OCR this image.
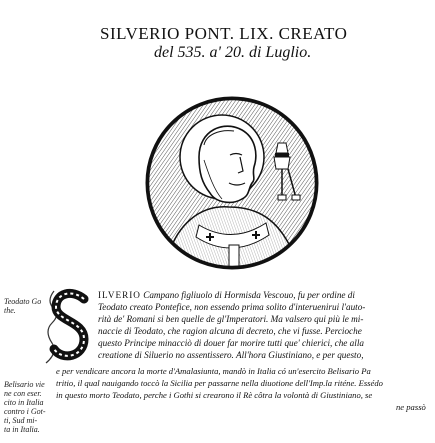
SILVERIO PONT. LIX. CREATO
del 535. a' 20. di Luglio.
Teodato Go the.
Belisario vie
ne con eser.
cito in Italia
contro i Got-
ti, Sud mi-
ta in Italia.
ILVERIO Campano figliuolo di Hormisda Vescouo, fu per ordine di
Teodato creato Pontefice, non essendo prima solito d'interuenirui l'auto-
rità de' Romani si ben quelle de gl'Imperatori. Ma valsero qui più le mi-
naccie di Teodato, che ragion alcuna di decreto, che vi fusse. Percioche
questo Principe minacciò di douer far morire tutti que' chierici, che alla
creatione di Siluerio no assentissero. All'hora Giustiniano, e per questo,
e per vendicare ancora la morte d'Amalasiunta, mandò in Italia có un'esercito Belisario Pa
tritio, il qual nauigando toccò la Sicilia per passarne nella diuotione dell'Imp.la riténe. Essédo
in questo morto Teodato, perche i Gothi si crearono il Rè côtra la volontà di Giustiniano, se
ne passò
